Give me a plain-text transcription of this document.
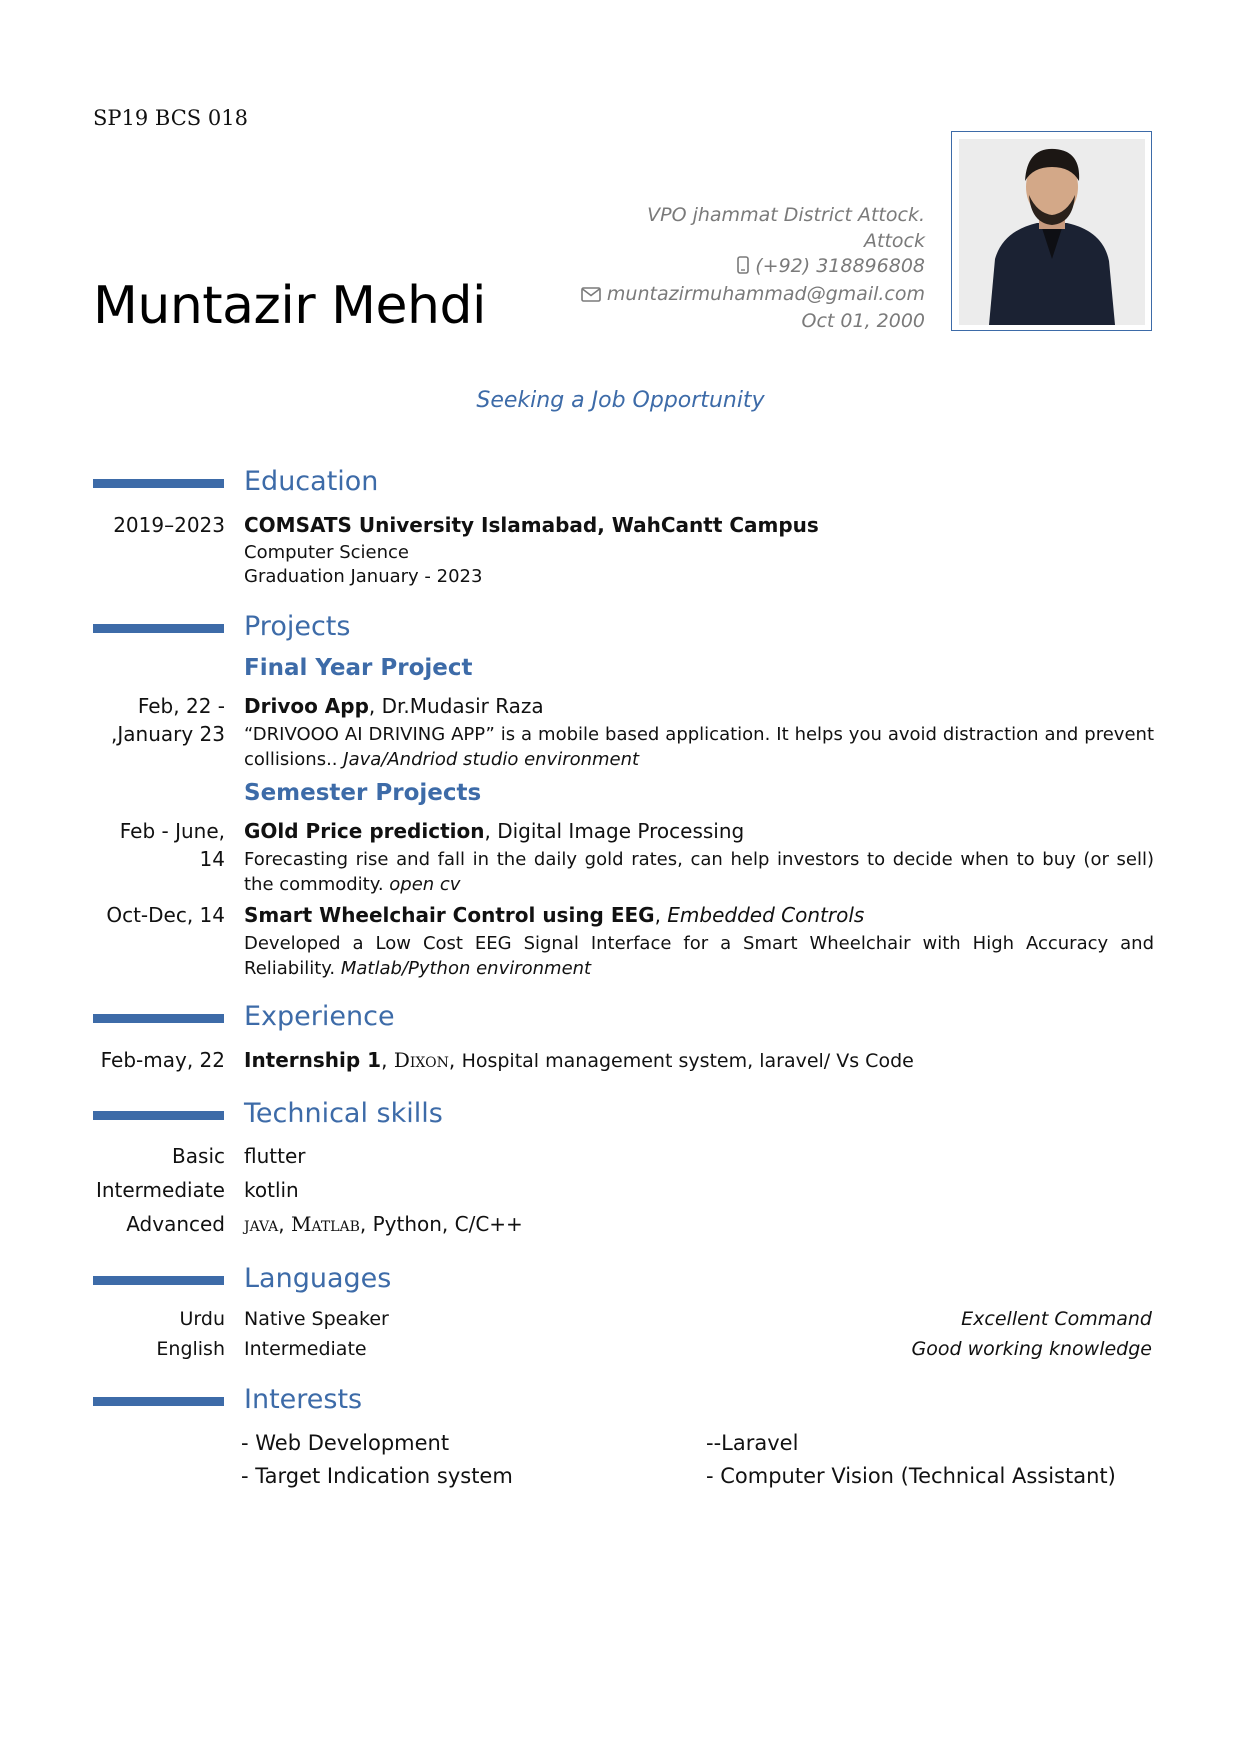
SP19 BCS 018
VPO jhammat District Attock.
Attock
(+92) 318896808
muntazirmuhammad@gmail.com
Oct 01, 2000
Muntazir Mehdi
Seeking a Job Opportunity
Education
2019–2023 COMSATS University Islamabad, WahCantt Campus
Computer Science
Graduation January - 2023
Projects
Final Year Project
Feb, 22 -
,January 23
Drivoo App, Dr.Mudasir Raza
“DRIVOOO AI DRIVING APP” is a mobile based application. It helps you avoid distraction and prevent collisions.. Java/Andriod studio environment
Semester Projects
Feb - June,
14
GOld Price prediction, Digital Image Processing
Forecasting rise and fall in the daily gold rates, can help investors to decide when to buy (or sell) the commodity. open cv
Oct-Dec, 14 Smart Wheelchair Control using EEG, Embedded Controls
Developed a Low Cost EEG Signal Interface for a Smart Wheelchair with High Accuracy and Reliability. Matlab/Python environment
Experience
Feb-may, 22 Internship 1, Dixon, Hospital management system, laravel/ Vs Code
Technical skills
Basic flutter
Intermediate kotlin
Advanced java, Matlab, Python, C/C++
Languages
Urdu Native Speaker	Excellent Command
English Intermediate	Good working knowledge
Interests
- Web Development	--Laravel
- Target Indication system	- Computer Vision (Technical Assistant)
